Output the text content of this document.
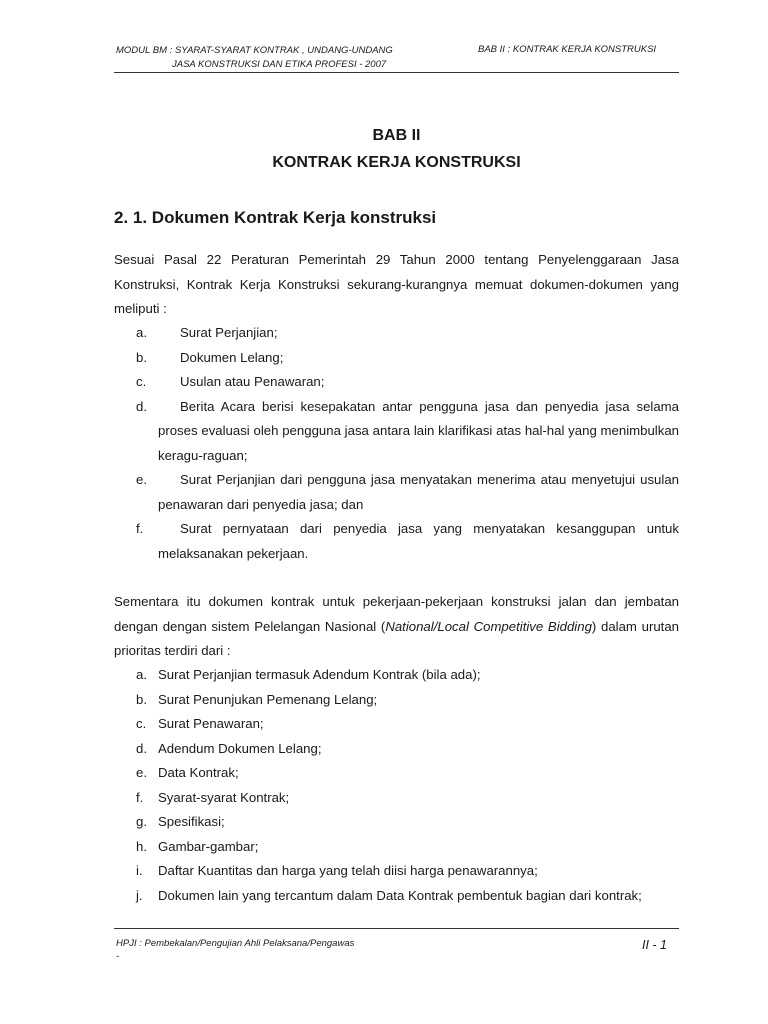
MODUL BM : SYARAT-SYARAT KONTRAK , UNDANG-UNDANG
JASA KONSTRUKSI DAN ETIKA PROFESI - 2007
BAB II : KONTRAK KERJA KONSTRUKSI
BAB II
KONTRAK KERJA KONSTRUKSI
2. 1. Dokumen Kontrak Kerja konstruksi

Sesuai Pasal 22 Peraturan Pemerintah 29 Tahun 2000 tentang Penyelenggaraan Jasa Konstruksi, Kontrak Kerja Konstruksi sekurang-kurangnya memuat dokumen-dokumen yang meliputi :

a.	Surat Perjanjian;
b.	Dokumen Lelang;
c.	Usulan atau Penawaran;
d.	Berita Acara berisi kesepakatan antar pengguna jasa dan penyedia jasa selama proses evaluasi oleh pengguna jasa antara lain klarifikasi atas hal-hal yang menimbulkan keragu-raguan;
e.	Surat Perjanjian dari pengguna jasa menyatakan menerima atau menyetujui usulan penawaran dari penyedia jasa; dan
f.	Surat pernyataan dari penyedia jasa yang menyatakan kesanggupan untuk melaksanakan pekerjaan.

Sementara itu dokumen kontrak untuk pekerjaan-pekerjaan konstruksi jalan dan jembatan dengan dengan sistem Pelelangan Nasional (National/Local Competitive Bidding) dalam urutan prioritas terdiri dari :

a. Surat Perjanjian termasuk Adendum Kontrak (bila ada);
b. Surat Penunjukan Pemenang Lelang;
c. Surat Penawaran;
d. Adendum Dokumen Lelang;
e. Data Kontrak;
f. Syarat-syarat Kontrak;
g. Spesifikasi;
h. Gambar-gambar;
i. Daftar Kuantitas dan harga yang telah diisi harga penawarannya;
j. Dokumen lain yang tercantum dalam Data Kontrak pembentuk bagian dari kontrak;
HPJI : Pembekalan/Pengujian Ahli Pelaksana/Pengawas
-
II - 1
